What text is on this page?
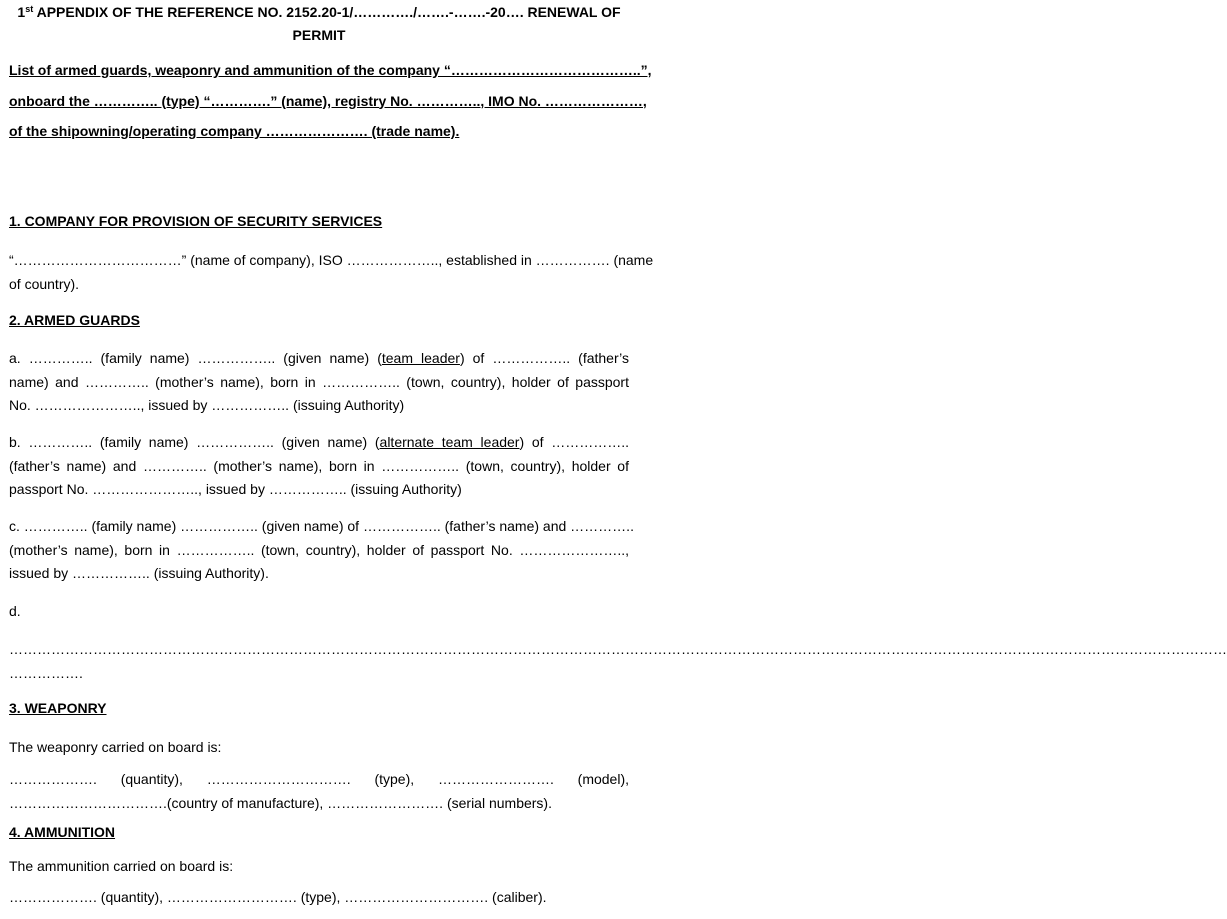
1st APPENDIX OF THE REFERENCE NO. 2152.20-1/…………./…….-…….-20…. RENEWAL OF
PERMIT
List of armed guards, weaponry and ammunition of the company “…………………………………..”,
onboard the ………….. (type) “………….” (name), registry No. ………….., IMO No. …………………,
of the shipowning/operating company …………………. (trade name).
1. COMPANY FOR PROVISION OF SECURITY SERVICES
“………………………………” (name of company), ISO ……………….., established in ……………. (name
of country).
2. ARMED GUARDS
a. ………….. (family name) …………….. (given name) (team leader) of …………….. (father’s
name) and ………….. (mother’s name), born in …………….. (town, country), holder of passport
No. ………………….., issued by …………….. (issuing Authority)
b. ………….. (family name) …………….. (given name) (alternate team leader) of ……………..
(father’s name) and ………….. (mother’s name), born in …………….. (town, country), holder of
passport No. ………………….., issued by …………….. (issuing Authority)
c. ………….. (family name) …………….. (given name) of …………….. (father’s name) and …………..
(mother’s name), born in …………….. (town, country), holder of passport No. …………………..,
issued by …………….. (issuing Authority).
d.
………………………………………………………………………………………………………………………………………………………………………………………………………………………………………
…………….
3. WEAPONRY
The weaponry carried on board is:
………………. (quantity), …………………………. (type), ……………………. (model),
…………………………….(country of manufacture), ……………………. (serial numbers).
4. AMMUNITION
The ammunition carried on board is:
………………. (quantity), ………………………. (type), …………………………. (caliber).
